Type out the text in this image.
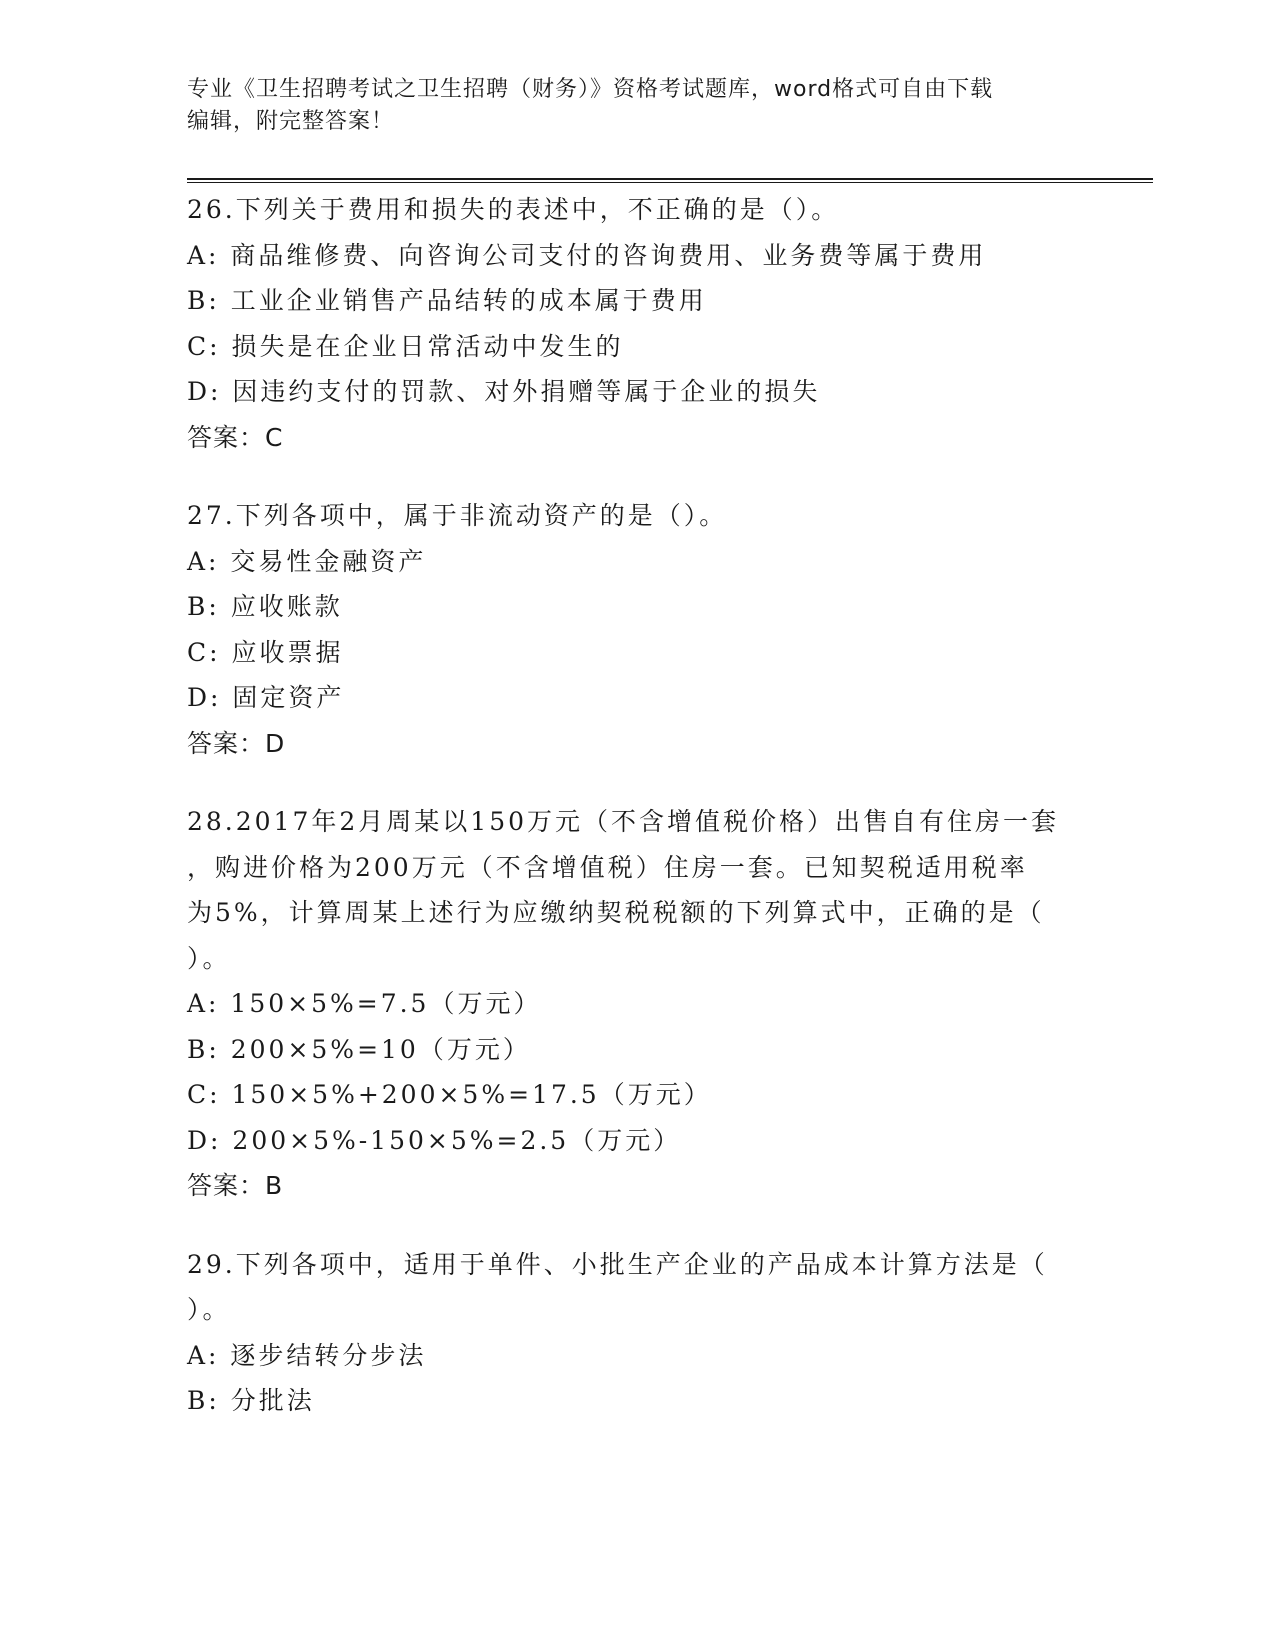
专业《卫生招聘考试之卫生招聘（财务）》资格考试题库，word格式可自由下载
编辑，附完整答案！
26.下列关于费用和损失的表述中，不正确的是（）。
A: 商品维修费、向咨询公司支付的咨询费用、业务费等属于费用
B: 工业企业销售产品结转的成本属于费用
C: 损失是在企业日常活动中发生的
D: 因违约支付的罚款、对外捐赠等属于企业的损失
答案：C
27.下列各项中，属于非流动资产的是（）。
A: 交易性金融资产
B: 应收账款
C: 应收票据
D: 固定资产
答案：D
28.2017年2月周某以150万元（不含增值税价格）出售自有住房一套
，购进价格为200万元（不含增值税）住房一套。已知契税适用税率
为5%，计算周某上述行为应缴纳契税税额的下列算式中，正确的是（
）。
A: 150×5%=7.5（万元）
B: 200×5%=10（万元）
C: 150×5%+200×5%=17.5（万元）
D: 200×5%-150×5%=2.5（万元）
答案：B
29.下列各项中，适用于单件、小批生产企业的产品成本计算方法是（
）。
A: 逐步结转分步法
B: 分批法
